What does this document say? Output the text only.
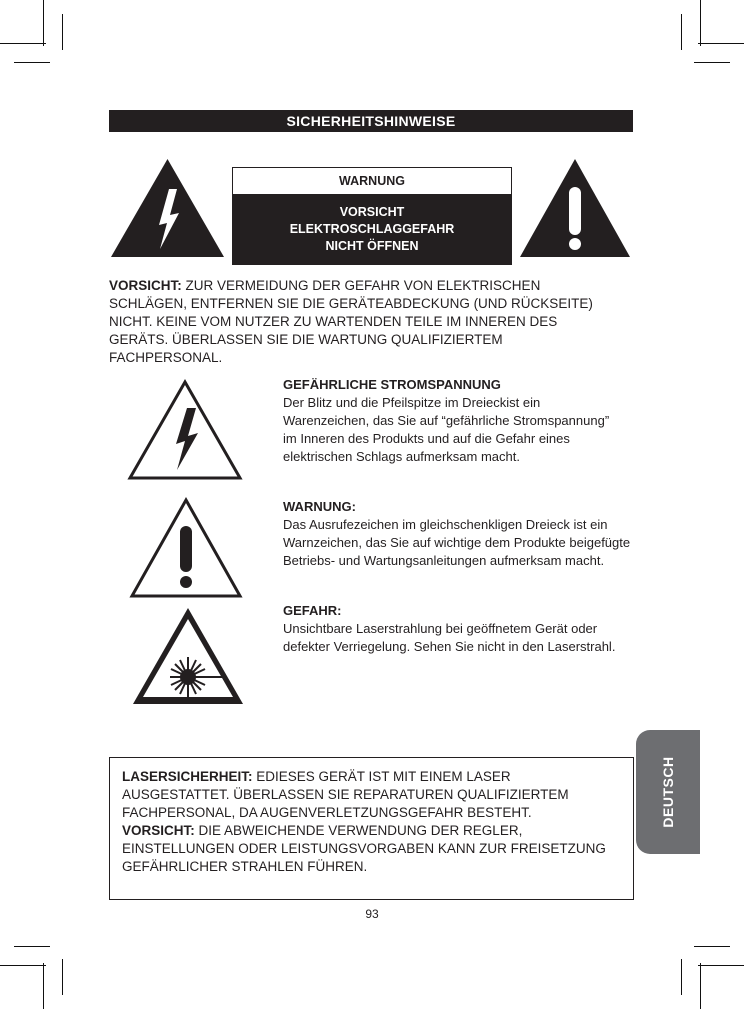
SICHERHEITSHINWEISE
WARNUNG
VORSICHT
ELEKTROSCHLAGGEFAHR
NICHT ÖFFNEN
VORSICHT: ZUR VERMEIDUNG DER GEFAHR VON ELEKTRISCHEN SCHLÄGEN, ENTFERNEN SIE DIE GERÄTEABDECKUNG (UND RÜCKSEITE) NICHT. KEINE VOM NUTZER ZU WARTENDEN TEILE IM INNEREN DES GERÄTS. ÜBERLASSEN SIE DIE WARTUNG QUALIFIZIERTEM FACHPERSONAL.
GEFÄHRLICHE STROMSPANNUNG
Der Blitz und die Pfeilspitze im Dreieckist ein Warenzeichen, das Sie auf “gefährliche Stromspannung” im Inneren des Produkts und auf die Gefahr eines elektrischen Schlags aufmerksam macht.
WARNUNG:
Das Ausrufezeichen im gleichschenkligen Dreieck ist ein Warnzeichen, das Sie auf wichtige dem Produkte beigefügte Betriebs- und Wartungsanleitungen aufmerksam macht.
GEFAHR:
Unsichtbare Laserstrahlung bei geöffnetem Gerät oder defekter Verriegelung. Sehen Sie nicht in den Laserstrahl.
LASERSICHERHEIT: EDIESES GERÄT IST MIT EINEM LASER AUSGESTATTET. ÜBERLASSEN SIE REPARATUREN QUALIFIZIERTEM FACHPERSONAL, DA AUGENVERLETZUNGSGEFAHR BESTEHT.
VORSICHT: DIE ABWEICHENDE VERWENDUNG DER REGLER, EINSTELLUNGEN ODER LEISTUNGSVORGABEN KANN ZUR FREISETZUNG GEFÄHRLICHER STRAHLEN FÜHREN.
DEUTSCH
93
